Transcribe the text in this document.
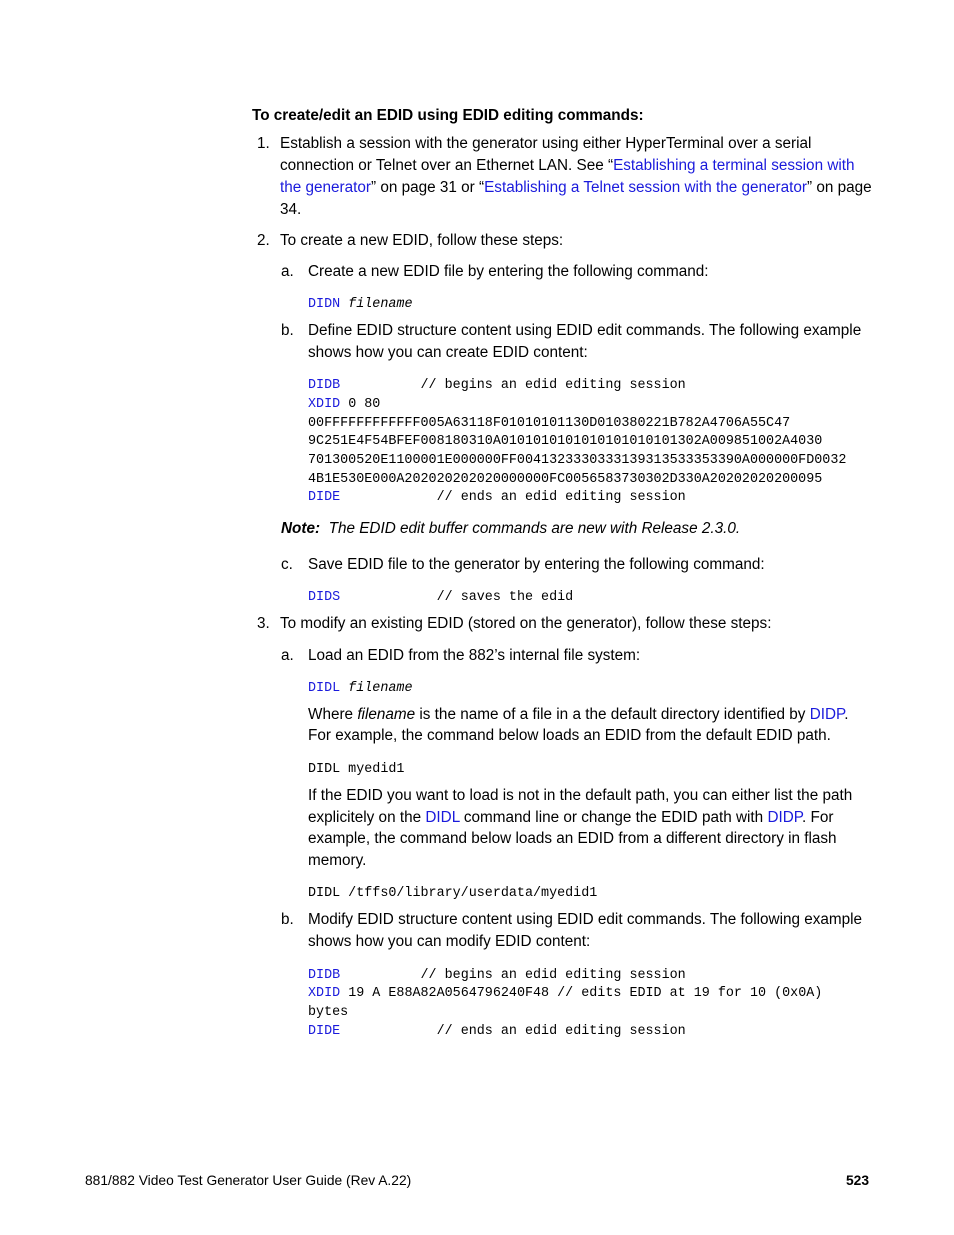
To create/edit an EDID using EDID editing commands:
1. Establish a session with the generator using either HyperTerminal over a serial
connection or Telnet over an Ethernet LAN. See “Establishing a terminal session with
the generator” on page 31 or “Establishing a Telnet session with the generator” on page
34.
2. To create a new EDID, follow these steps:
a. Create a new EDID file by entering the following command:
DIDN filename
b. Define EDID structure content using EDID edit commands. The following example
shows how you can create EDID content:
DIDB          // begins an edid editing session
XDID 0 80
00FFFFFFFFFFFF005A63118F01010101130D010380221B782A4706A55C47
9C251E4F54BFEF008180310A0101010101010101010101302A009851002A4030
701300520E1100001E000000FF0041323330333139313533353390A000000FD0032
4B1E530E000A202020202020000000FC0056583730302D330A20202020200095
DIDE            // ends an edid editing session
Note: The EDID edit buffer commands are new with Release 2.3.0.
c. Save EDID file to the generator by entering the following command:
DIDS            // saves the edid
3. To modify an existing EDID (stored on the generator), follow these steps:
a. Load an EDID from the 882’s internal file system:
DIDL filename
Where filename is the name of a file in a the default directory identified by DIDP.
For example, the command below loads an EDID from the default EDID path.
DIDL myedid1
If the EDID you want to load is not in the default path, you can either list the path
explicitely on the DIDL command line or change the EDID path with DIDP. For
example, the command below loads an EDID from a different directory in flash
memory.
DIDL /tffs0/library/userdata/myedid1
b. Modify EDID structure content using EDID edit commands. The following example
shows how you can modify EDID content:
DIDB          // begins an edid editing session
XDID 19 A E88A82A0564796240F48 // edits EDID at 19 for 10 (0x0A)
bytes
DIDE            // ends an edid editing session
881/882 Video Test Generator User Guide (Rev A.22)	523
